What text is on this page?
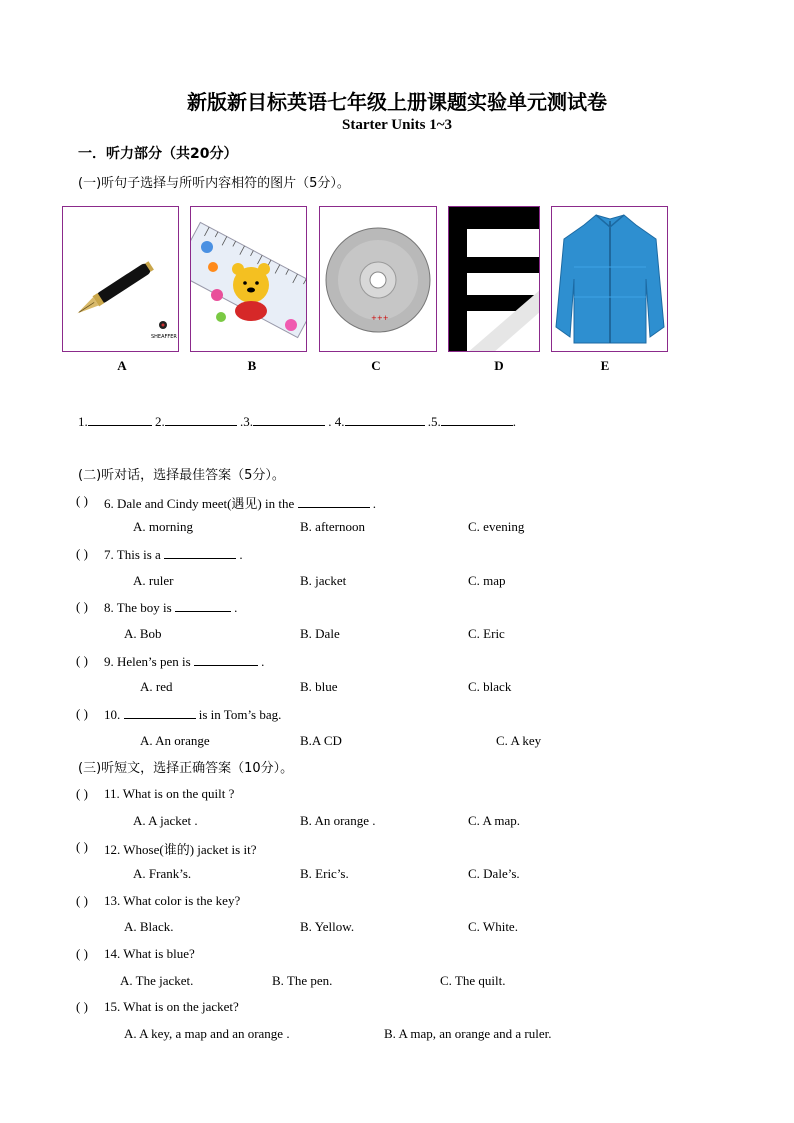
新版新目标英语七年级上册课题实验单元测试卷
Starter Units 1~3
一．听力部分（共20分）
(一)听句子选择与所听内容相符的图片（5分）。
SHEAFFER
+++
A	B	C	D	E
1.	2.	.3.	. 4.	.5.	.
(二)听对话，选择最佳答案（5分）。
( ) 6. Dale and Cindy meet(遇见) in the	.
A. morning	B. afternoon	C. evening
( ) 7. This is a	.
A. ruler	B. jacket	C. map
( ) 8. The boy is	.
A. Bob	B. Dale	C. Eric
( ) 9. Helen’s pen is	.
A. red	B. blue	C. black
( ) 10.	is in Tom’s bag.
A. An orange	B.A CD	C. A key
(三)听短文，选择正确答案（10分）。
( ) 11. What is on the quilt ?
A. A jacket .	B. An orange .	C. A map.
( ) 12. Whose(谁的) jacket is it?
A. Frank’s.	B. Eric’s.	C. Dale’s.
( ) 13. What color is the key?
A. Black.	B. Yellow.	C. White.
( ) 14. What is blue?
A. The jacket.	B. The pen.	C. The quilt.
( ) 15. What is on the jacket?
A. A key, a map and an orange .	B. A map, an orange and a ruler.
